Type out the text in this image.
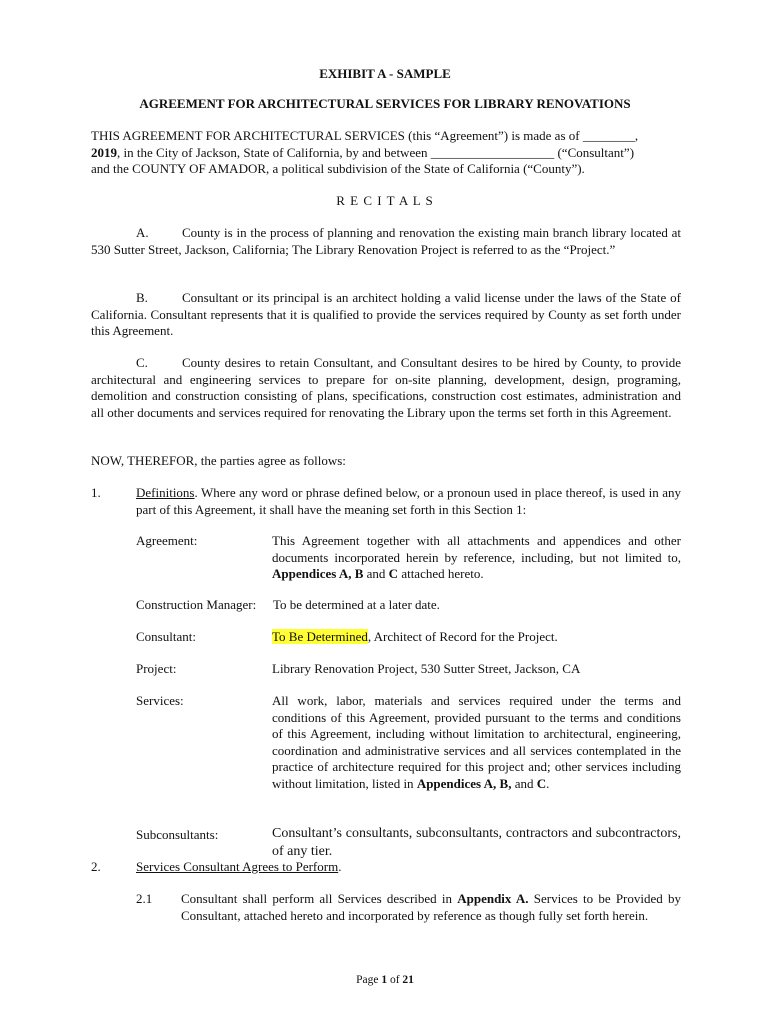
EXHIBIT A - SAMPLE
AGREEMENT FOR ARCHITECTURAL SERVICES FOR LIBRARY RENOVATIONS
THIS AGREEMENT FOR ARCHITECTURAL SERVICES (this “Agreement”) is made as of ________,
2019, in the City of Jackson, State of California, by and between ___________________ (“Consultant”)
and the COUNTY OF AMADOR, a political subdivision of the State of California (“County”).
R E C I T A L S
A.	County is in the process of planning and renovation the existing main branch library located at 530 Sutter Street, Jackson, California; The Library Renovation Project is referred to as the “Project.”
B.	Consultant or its principal is an architect holding a valid license under the laws of the State of California. Consultant represents that it is qualified to provide the services required by County as set forth under this Agreement.
C.	County desires to retain Consultant, and Consultant desires to be hired by County, to provide architectural and engineering services to prepare for on-site planning, development, design, programing, demolition and construction consisting of plans, specifications, construction cost estimates, administration and all other documents and services required for renovating the Library upon the terms set forth in this Agreement.
NOW, THEREFOR, the parties agree as follows:
1.	Definitions. Where any word or phrase defined below, or a pronoun used in place thereof, is used in any part of this Agreement, it shall have the meaning set forth in this Section 1:
Agreement:	This Agreement together with all attachments and appendices and other documents incorporated herein by reference, including, but not limited to, Appendices A, B and C attached hereto.
Construction Manager: To be determined at a later date.
Consultant:	To Be Determined, Architect of Record for the Project.
Project:	Library Renovation Project, 530 Sutter Street, Jackson, CA
Services:	All work, labor, materials and services required under the terms and conditions of this Agreement, provided pursuant to the terms and conditions of this Agreement, including without limitation to architectural, engineering, coordination and administrative services and all services contemplated in the practice of architecture required for this project and; other services including without limitation, listed in Appendices A, B, and C.
Subconsultants:	Consultant’s consultants, subconsultants, contractors and subcontractors, of any tier.
2.	Services Consultant Agrees to Perform.
2.1 Consultant shall perform all Services described in Appendix A. Services to be Provided by Consultant, attached hereto and incorporated by reference as though fully set forth herein.
Page 1 of 21
